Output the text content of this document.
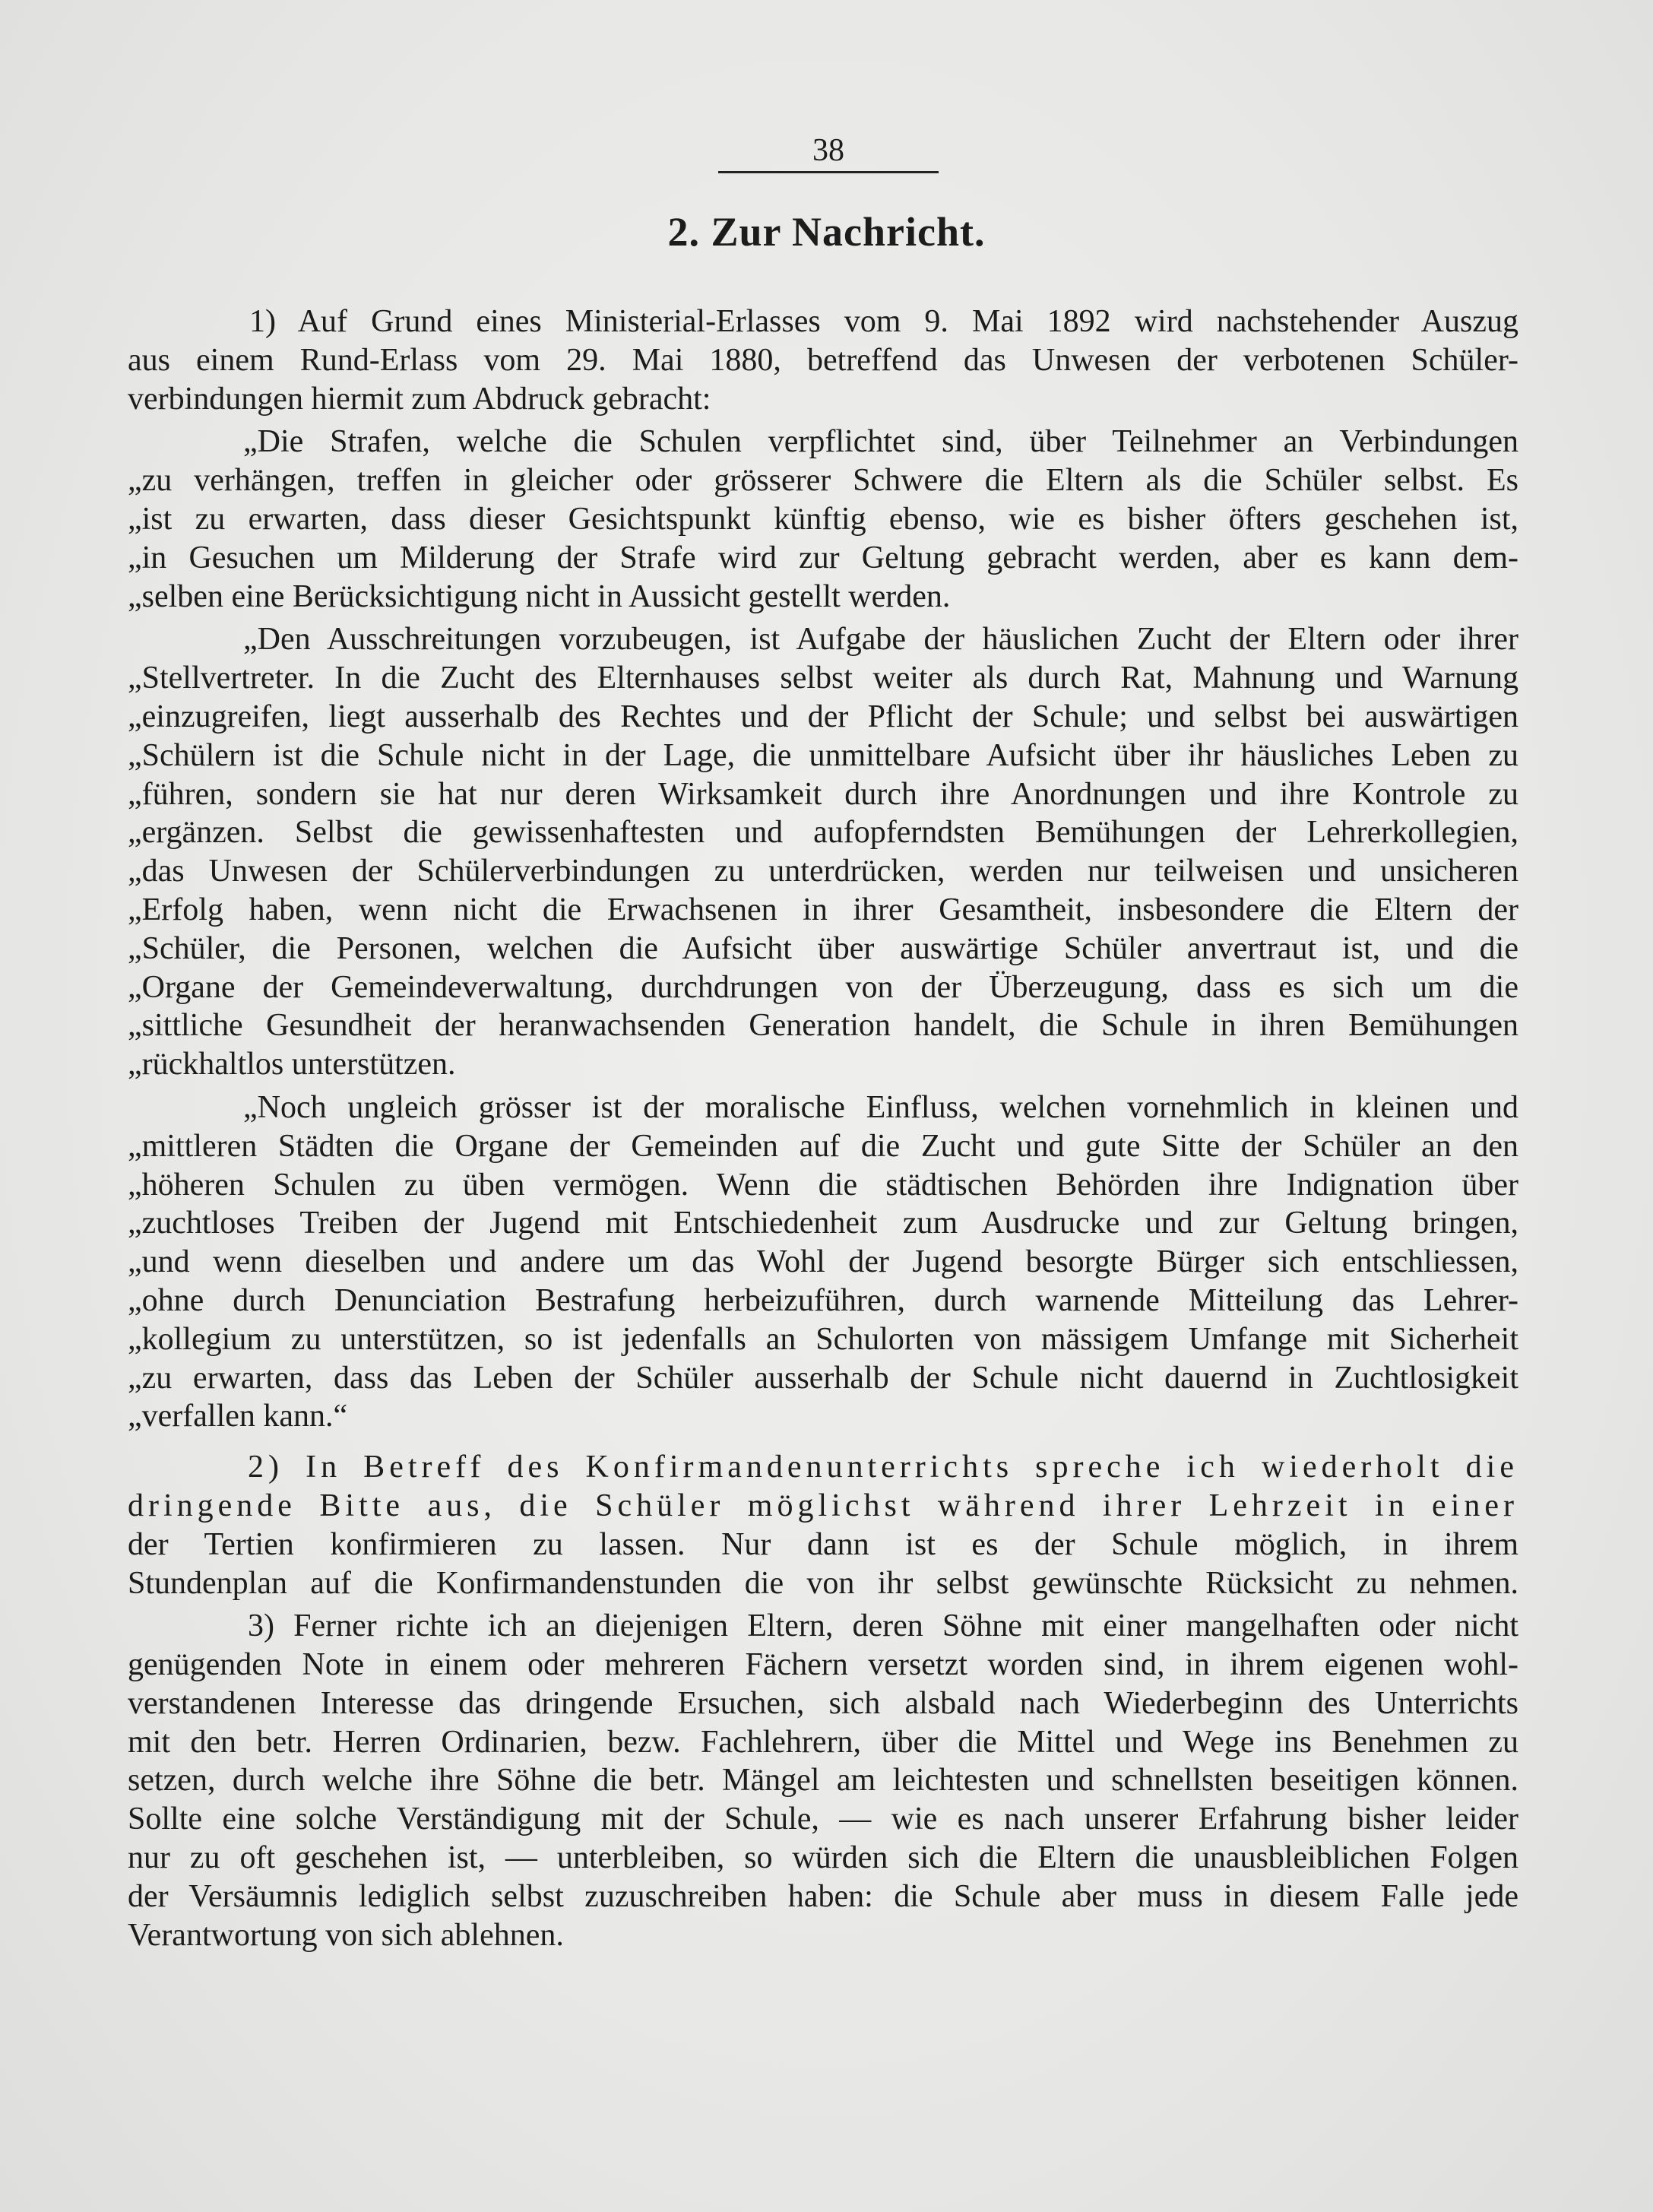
38
2. Zur Nachricht.
1) Auf Grund eines Ministerial-Erlasses vom 9. Mai 1892 wird nachstehender Auszug
aus einem Rund-Erlass vom 29. Mai 1880, betreffend das Unwesen der verbotenen Schüler-
verbindungen hiermit zum Abdruck gebracht:
„Die Strafen, welche die Schulen verpflichtet sind, über Teilnehmer an Verbindungen
„zu verhängen, treffen in gleicher oder grösserer Schwere die Eltern als die Schüler selbst. Es
„ist zu erwarten, dass dieser Gesichtspunkt künftig ebenso, wie es bisher öfters geschehen ist,
„in Gesuchen um Milderung der Strafe wird zur Geltung gebracht werden, aber es kann dem-
„selben eine Berücksichtigung nicht in Aussicht gestellt werden.
„Den Ausschreitungen vorzubeugen, ist Aufgabe der häuslichen Zucht der Eltern oder ihrer
„Stellvertreter. In die Zucht des Elternhauses selbst weiter als durch Rat, Mahnung und Warnung
„einzugreifen, liegt ausserhalb des Rechtes und der Pflicht der Schule; und selbst bei auswärtigen
„Schülern ist die Schule nicht in der Lage, die unmittelbare Aufsicht über ihr häusliches Leben zu
„führen, sondern sie hat nur deren Wirksamkeit durch ihre Anordnungen und ihre Kontrole zu
„ergänzen. Selbst die gewissenhaftesten und aufopferndsten Bemühungen der Lehrerkollegien,
„das Unwesen der Schülerverbindungen zu unterdrücken, werden nur teilweisen und unsicheren
„Erfolg haben, wenn nicht die Erwachsenen in ihrer Gesamtheit, insbesondere die Eltern der
„Schüler, die Personen, welchen die Aufsicht über auswärtige Schüler anvertraut ist, und die
„Organe der Gemeindeverwaltung, durchdrungen von der Überzeugung, dass es sich um die
„sittliche Gesundheit der heranwachsenden Generation handelt, die Schule in ihren Bemühungen
„rückhaltlos unterstützen.
„Noch ungleich grösser ist der moralische Einfluss, welchen vornehmlich in kleinen und
„mittleren Städten die Organe der Gemeinden auf die Zucht und gute Sitte der Schüler an den
„höheren Schulen zu üben vermögen. Wenn die städtischen Behörden ihre Indignation über
„zuchtloses Treiben der Jugend mit Entschiedenheit zum Ausdrucke und zur Geltung bringen,
„und wenn dieselben und andere um das Wohl der Jugend besorgte Bürger sich entschliessen,
„ohne durch Denunciation Bestrafung herbeizuführen, durch warnende Mitteilung das Lehrer-
„kollegium zu unterstützen, so ist jedenfalls an Schulorten von mässigem Umfange mit Sicherheit
„zu erwarten, dass das Leben der Schüler ausserhalb der Schule nicht dauernd in Zuchtlosigkeit
„verfallen kann.“
2) In Betreff des Konfirmandenunterrichts spreche ich wiederholt die
dringende Bitte aus, die Schüler möglichst während ihrer Lehrzeit in einer
der Tertien konfirmieren zu lassen. Nur dann ist es der Schule möglich, in ihrem
Stundenplan auf die Konfirmandenstunden die von ihr selbst gewünschte Rücksicht zu nehmen.
3) Ferner richte ich an diejenigen Eltern, deren Söhne mit einer mangelhaften oder nicht
genügenden Note in einem oder mehreren Fächern versetzt worden sind, in ihrem eigenen wohl-
verstandenen Interesse das dringende Ersuchen, sich alsbald nach Wiederbeginn des Unterrichts
mit den betr. Herren Ordinarien, bezw. Fachlehrern, über die Mittel und Wege ins Benehmen zu
setzen, durch welche ihre Söhne die betr. Mängel am leichtesten und schnellsten beseitigen können.
Sollte eine solche Verständigung mit der Schule, — wie es nach unserer Erfahrung bisher leider
nur zu oft geschehen ist, — unterbleiben, so würden sich die Eltern die unausbleiblichen Folgen
der Versäumnis lediglich selbst zuzuschreiben haben: die Schule aber muss in diesem Falle jede
Verantwortung von sich ablehnen.
